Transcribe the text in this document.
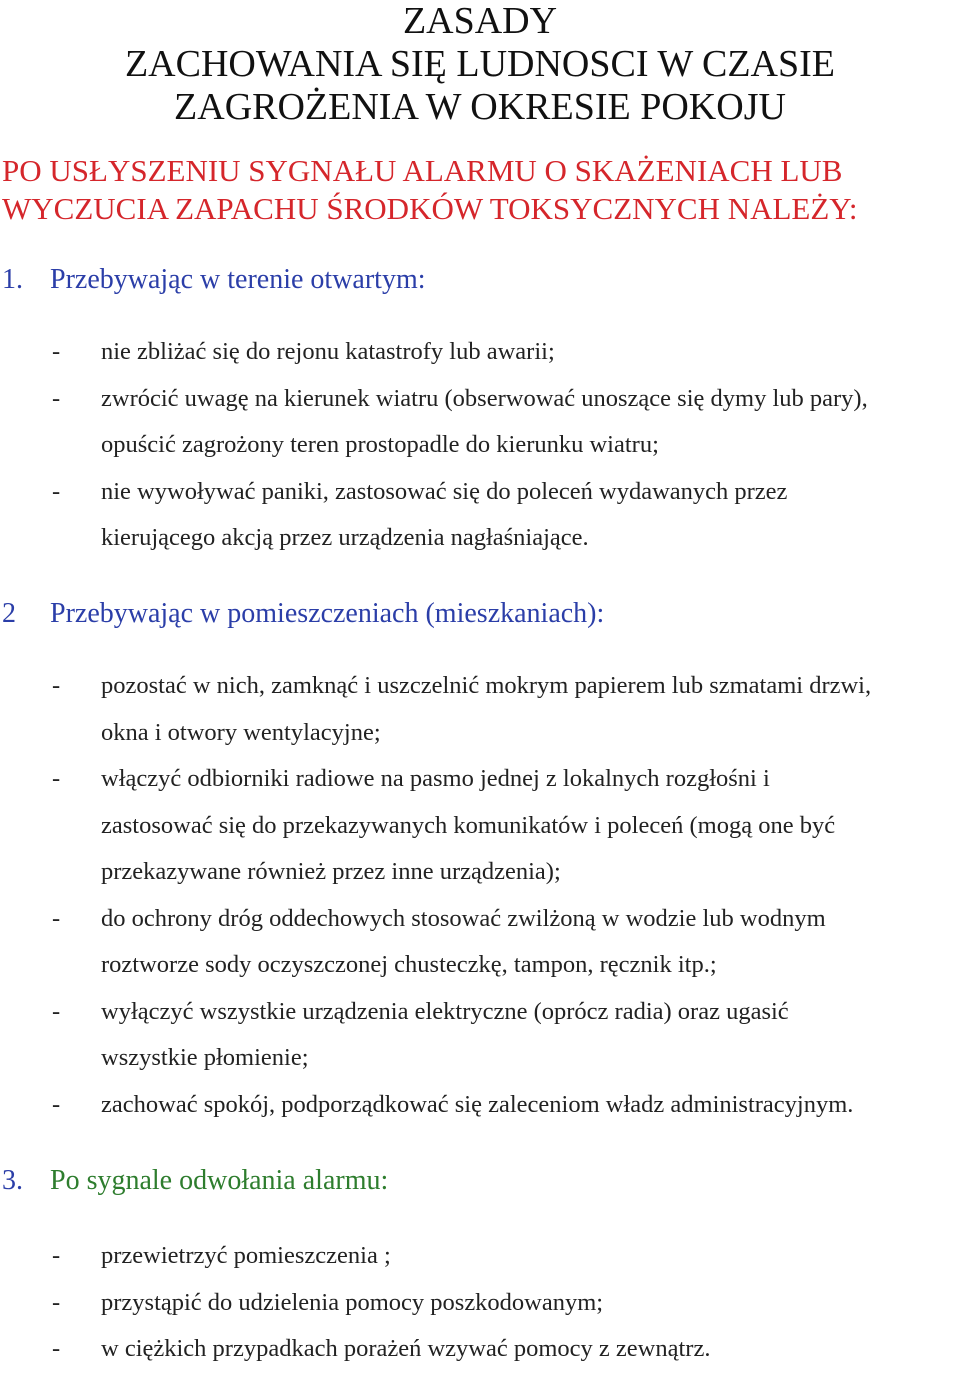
ZASADY
ZACHOWANIA SIĘ LUDNOSCI W CZASIE
ZAGROŻENIA W OKRESIE POKOJU
PO USŁYSZENIU SYGNAŁU ALARMU O SKAŻENIACH LUB
WYCZUCIA ZAPACHU ŚRODKÓW TOKSYCZNYCH NALEŻY:
1. Przebywając w terenie otwartym:
- nie zbliżać się do rejonu katastrofy lub awarii;
- zwrócić uwagę na kierunek wiatru (obserwować unoszące się dymy lub pary),
opuścić zagrożony teren prostopadle do kierunku wiatru;
- nie wywoływać paniki, zastosować się do poleceń wydawanych przez
kierującego akcją przez urządzenia nagłaśniające.
2 Przebywając w pomieszczeniach (mieszkaniach):
- pozostać w nich, zamknąć i uszczelnić mokrym papierem lub szmatami drzwi,
okna i otwory wentylacyjne;
- włączyć odbiorniki radiowe na pasmo jednej z lokalnych rozgłośni i
zastosować się do przekazywanych komunikatów i poleceń (mogą one być
przekazywane również przez inne urządzenia);
- do ochrony dróg oddechowych stosować zwilżoną w wodzie lub wodnym
roztworze sody oczyszczonej chusteczkę, tampon, ręcznik itp.;
- wyłączyć wszystkie urządzenia elektryczne (oprócz radia) oraz ugasić
wszystkie płomienie;
- zachować spokój, podporządkować się zaleceniom władz administracyjnym.
3. Po sygnale odwołania alarmu:
- przewietrzyć pomieszczenia ;
- przystąpić do udzielenia pomocy poszkodowanym;
- w ciężkich przypadkach porażeń wzywać pomocy z zewnątrz.
